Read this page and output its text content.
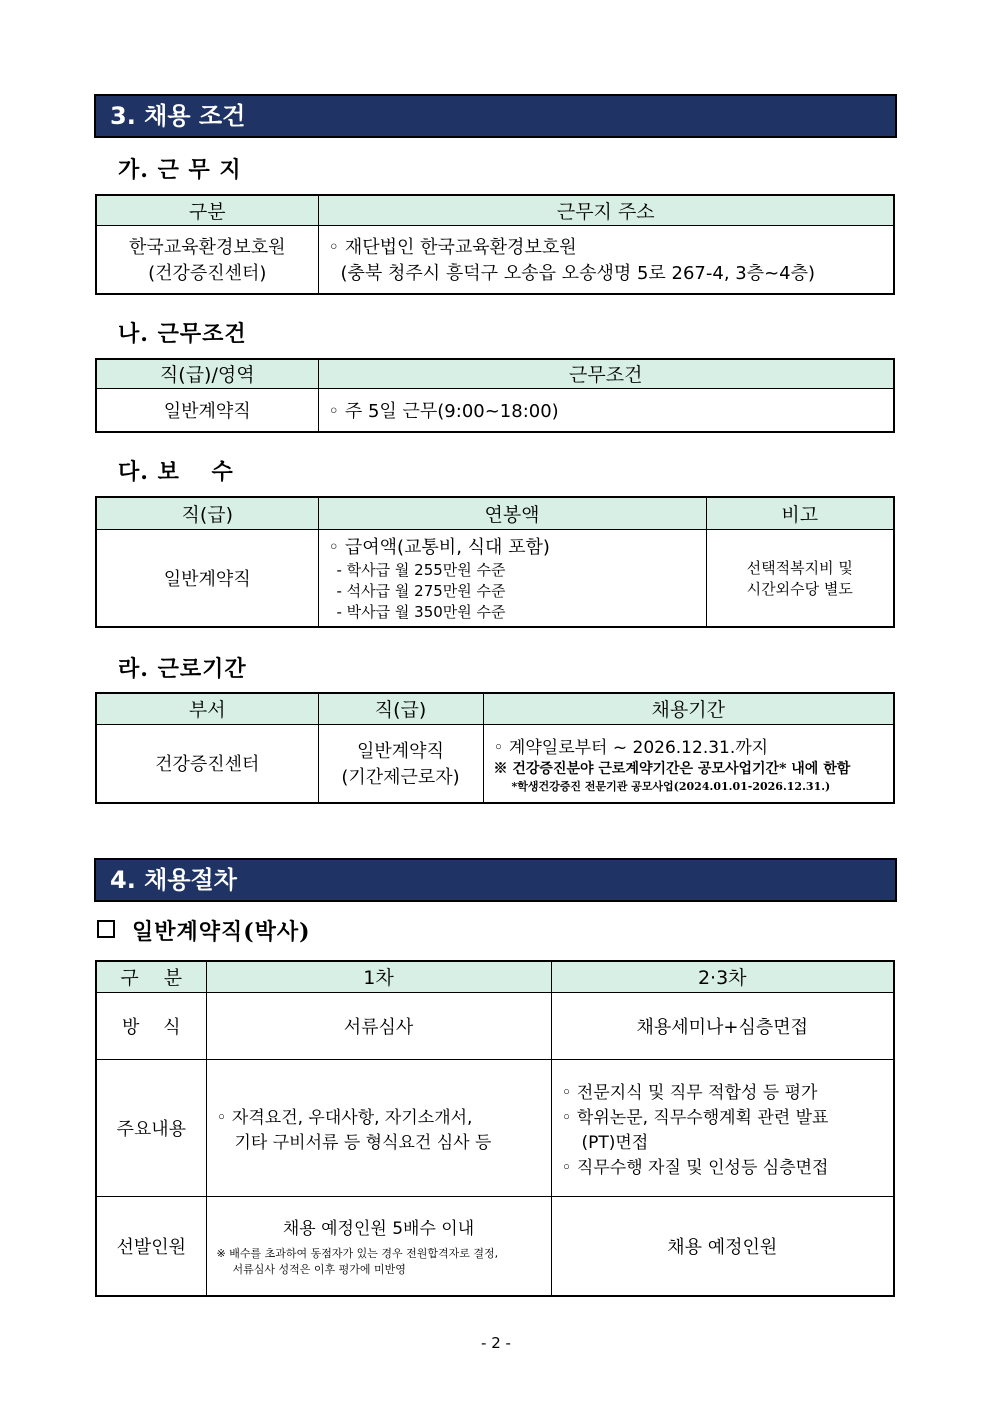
3. 채용 조건
가. 근 무 지
구분	근무지 주소

한국교육환경보호원
(건강증진센터)	◦ 재단법인 한국교육환경보호원
(충북 청주시 흥덕구 오송읍 오송생명 5로 267-4, 3층~4층)
나. 근무조건
직(급)/영역	근무조건
일반계약직	◦ 주 5일 근무(9:00~18:00)
다. 보　 수
직(급)	연봉액	비고
일반계약직	◦ 급여액(교통비, 식대 포함)
- 학사급 월 255만원 수준
- 석사급 월 275만원 수준
- 박사급 월 350만원 수준	선택적복지비 및
시간외수당 별도
라. 근로기간
부서	직(급)	채용기간
건강증진센터	일반계약직
(기간제근로자)	◦ 계약일로부터 ~ 2026.12.31.까지
※ 건강증진분야 근로계약기간은 공모사업기간* 내에 한함
*학생건강증진 전문기관 공모사업(2024.01.01-2026.12.31.)
4. 채용절차
일반계약직(박사)
구　 분	1차	2·3차
방　 식	서류심사	채용세미나+심층면접
주요내용	◦ 자격요건, 우대사항, 자기소개서,
기타 구비서류 등 형식요건 심사 등	◦ 전문지식 및 직무 적합성 등 평가
◦ 학위논문, 직무수행계획 관련 발표
(PT)면접
◦ 직무수행 자질 및 인성등 심층면접

선발인원	채용 예정인원 5배수 이내
※ 배수를 초과하여 동점자가 있는 경우 전원합격자로 결정,
서류심사 성적은 이후 평가에 미반영	채용 예정인원
- 2 -
